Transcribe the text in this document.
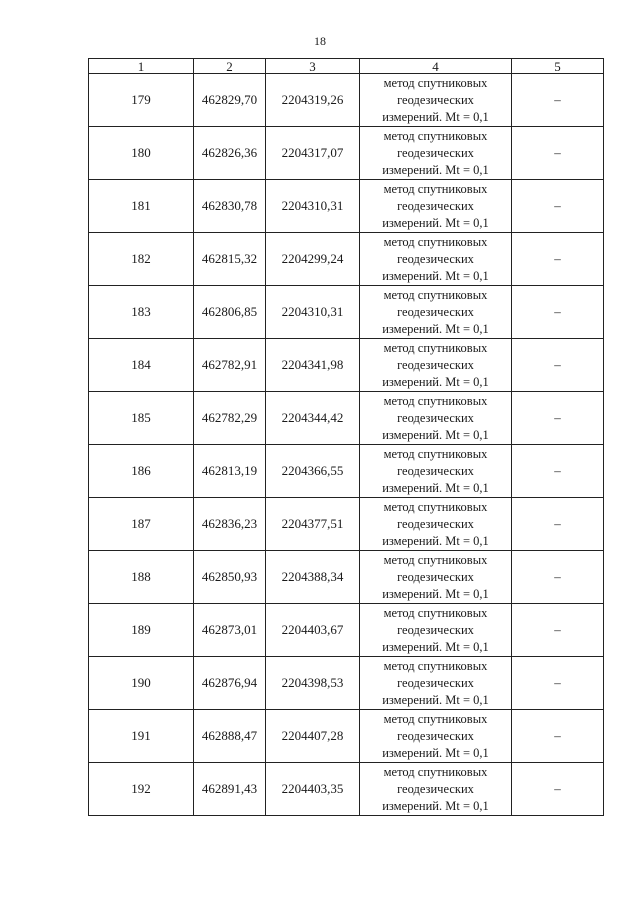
18
1	2	3	4	5
179	462829,70	2204319,26	метод спутниковых
геодезических
измерений. Mt = 0,1	–
180	462826,36	2204317,07	метод спутниковых
геодезических
измерений. Mt = 0,1	–
181	462830,78	2204310,31	метод спутниковых
геодезических
измерений. Mt = 0,1	–
182	462815,32	2204299,24	метод спутниковых
геодезических
измерений. Mt = 0,1	–
183	462806,85	2204310,31	метод спутниковых
геодезических
измерений. Mt = 0,1	–
184	462782,91	2204341,98	метод спутниковых
геодезических
измерений. Mt = 0,1	–
185	462782,29	2204344,42	метод спутниковых
геодезических
измерений. Mt = 0,1	–
186	462813,19	2204366,55	метод спутниковых
геодезических
измерений. Mt = 0,1	–
187	462836,23	2204377,51	метод спутниковых
геодезических
измерений. Mt = 0,1	–
188	462850,93	2204388,34	метод спутниковых
геодезических
измерений. Mt = 0,1	–
189	462873,01	2204403,67	метод спутниковых
геодезических
измерений. Mt = 0,1	–
190	462876,94	2204398,53	метод спутниковых
геодезических
измерений. Mt = 0,1	–
191	462888,47	2204407,28	метод спутниковых
геодезических
измерений. Mt = 0,1	–
192	462891,43	2204403,35	метод спутниковых
геодезических
измерений. Mt = 0,1	–
